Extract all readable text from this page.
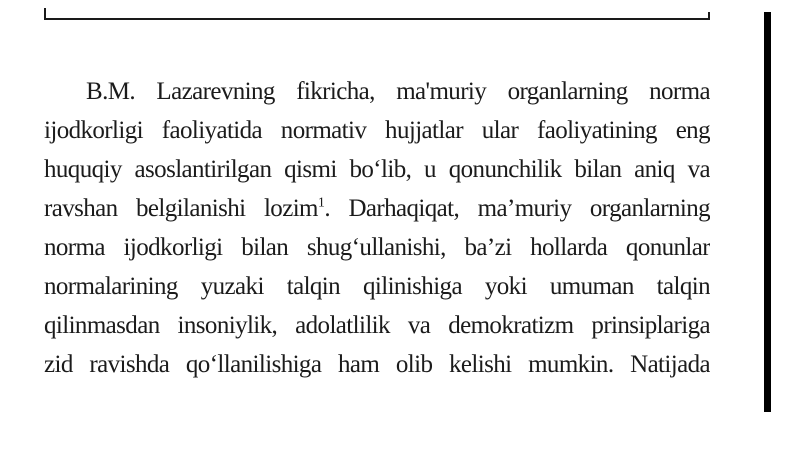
B.M. Lazarevning fikricha, ma'muriy organlarning norma
ijodkorligi faoliyatida normativ hujjatlar ular faoliyatining eng
huquqiy asoslantirilgan qismi bo‘lib, u qonunchilik bilan aniq va
ravshan belgilanishi lozim$^1$. Darhaqiqat, ma’muriy organlarning
norma ijodkorligi bilan shug‘ullanishi, ba’zi hollarda qonunlar
normalarining yuzaki talqin qilinishiga yoki umuman talqin
qilinmasdan insoniylik, adolatlilik va demokratizm prinsiplariga
zid ravishda qo‘llanilishiga ham olib kelishi mumkin. Natijada
